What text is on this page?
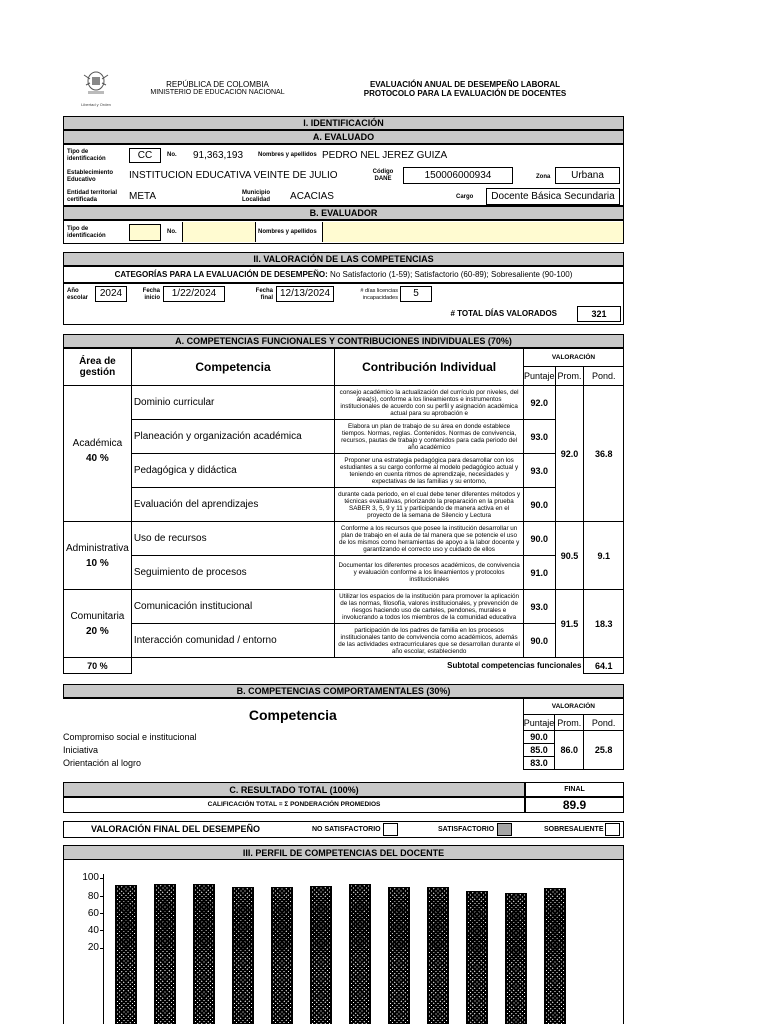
Libertad y Orden
REPÚBLICA DE COLOMBIA
MINISTERIO DE EDUCACIÓN NACIONAL
EVALUACIÓN ANUAL DE DESEMPEÑO LABORAL
PROTOCOLO PARA LA EVALUACIÓN DE DOCENTES
I. IDENTIFICACIÓN
A. EVALUADO
Tipo de identificación	CC	No.	91,363,193	Nombres y apellidos PEDRO NEL JEREZ GUIZA
Establecimiento Educativo	INSTITUCION EDUCATIVA VEINTE DE JULIO	Código DANE	150006000934	Zona	Urbana
Entidad territorial certificada	META	Municipio Localidad	ACACIAS	Cargo	Docente Básica Secundaria
B. EVALUADOR
Tipo de identificación
No.	Nombres y apellidos
II. VALORACIÓN DE LAS COMPETENCIAS
CATEGORÍAS PARA LA EVALUACIÓN DE DESEMPEÑO: No Satisfactorio (1-59); Satisfactorio (60-89); Sobresaliente (90-100)
Año escolar	2024	Fecha inicio	1/22/2024	Fecha final 12/13/2024	# días licencias incapacidades	5
# TOTAL DÍAS VALORADOS	321
A. COMPETENCIAS FUNCIONALES Y CONTRIBUCIONES INDIVIDUALES (70%)
Área de gestión	Competencia	Contribución Individual	VALORACIÓN		
			Puntaje	Prom.	Pond.

Académica
40 %	Dominio curricular	consejo académico la actualización del currículo por niveles, del área(s), conforme a los lineamientos e instrumentos institucionales de acuerdo con su perfil y asignación académica actual para su aprobación e	92.0	92.0	36.8
	Planeación y organización académica	Elabora un plan de trabajo de su área en donde establece tiempos. Normas, reglas. Contenidos. Normas de convivencia, recursos, pautas de trabajo y contenidos para cada periodo del año académico	93.0		
	Pedagógica y didáctica	Proponer una estrategia pedagógica para desarrollar con los estudiantes a su cargo conforme al modelo pedagógico actual y teniendo en cuenta ritmos de aprendizaje, necesidades y expectativas de las familias y su entorno,	93.0		
	Evaluación del aprendizajes	durante cada periodo, en el cual debe tener diferentes métodos y técnicas evaluativas, priorizando la preparación en la prueba SABER 3, 5, 9 y 11 y participando de manera activa en el proyecto de la semana de Silencio y Lectura	90.0		

Administrativa
10 %	Uso de recursos	Conforme a los recursos que posee la institución desarrollar un plan de trabajo en el aula de tal manera que se potencie el uso de los mismos como herramientas de apoyo a la labor docente y garantizando el correcto uso y cuidado de ellos	90.0	90.5	9.1
	Seguimiento de procesos	Documentar los diferentes procesos académicos, de convivencia y evaluación conforme a los lineamientos y protocolos institucionales	91.0		

Comunitaria
20 %	Comunicación institucional	Utilizar los espacios de la institución para promover la aplicación de las normas, filosofía, valores institucionales, y prevención de riesgos haciendo uso de carteles, pendones, murales e involucrando a todos los miembros de la comunidad educativa	93.0	91.5	18.3
	Interacción comunidad / entorno	participación de los padres de familia en los procesos institucionales tanto de convivencia como académicos, además de las actividades extracurriculares que se desarrollan durante el año escolar, estableciendo	90.0		
70 %	Subtotal competencias funcionales				64.1
B. COMPETENCIAS COMPORTAMENTALES (30%)
Competencia	VALORACIÓN		
	Puntaje	Prom.	Pond.
Compromiso social e institucional	90.0	86.0	25.8
Iniciativa	85.0		
Orientación al logro	83.0		
C. RESULTADO TOTAL (100%)	FINAL
CALIFICACIÓN TOTAL = Σ PONDERACIÓN PROMEDIOS	89.9
VALORACIÓN FINAL DEL DESEMPEÑO	NO SATISFACTORIO	SATISFACTORIO	SOBRESALIENTE
III. PERFIL DE COMPETENCIAS DEL DOCENTE
100
80
60
40
20
